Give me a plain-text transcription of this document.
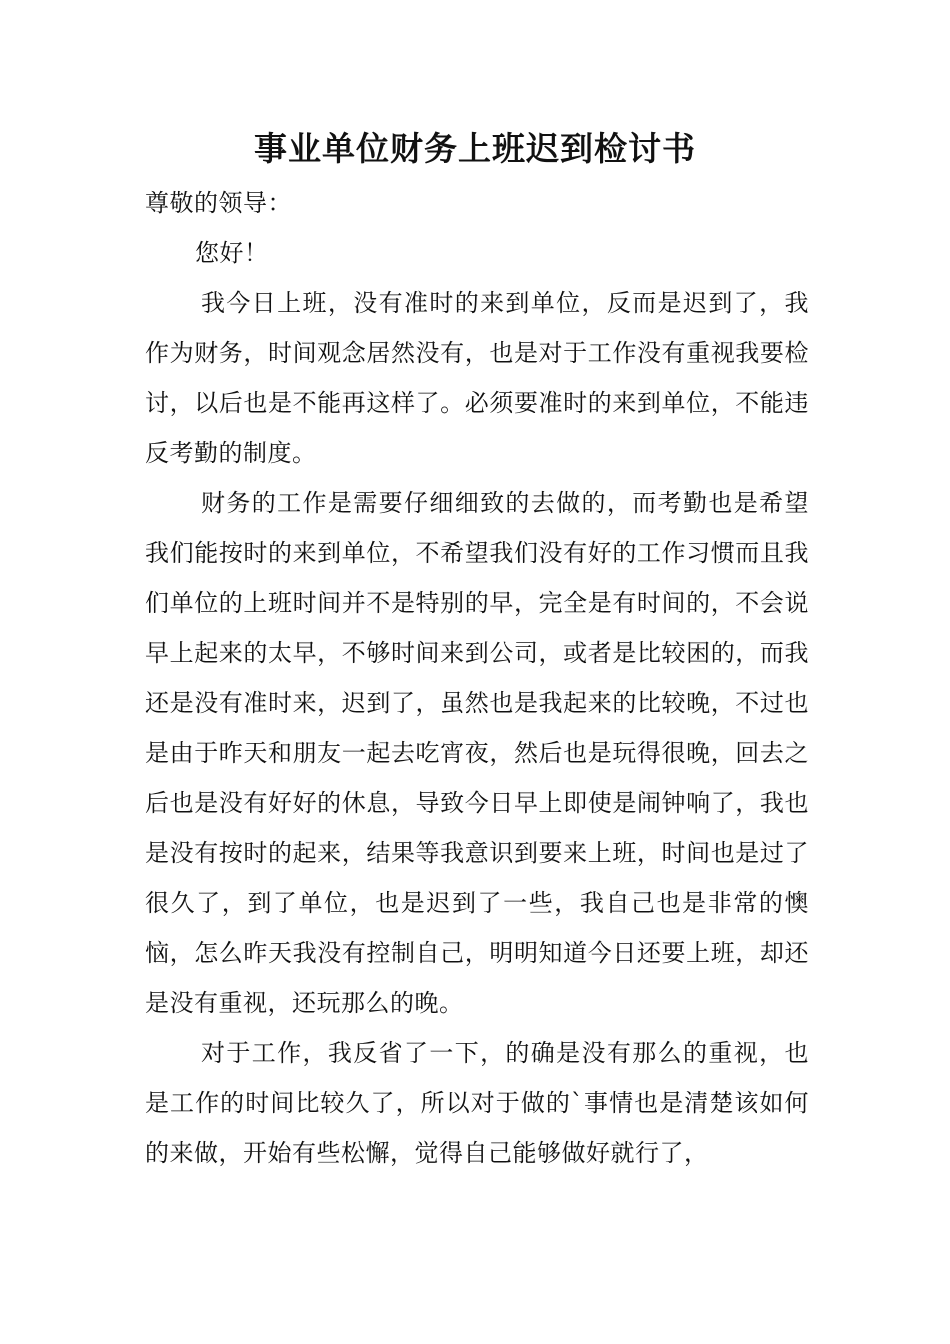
事业单位财务上班迟到检讨书

尊敬的领导：

您好！

我今日上班，没有准时的来到单位，反而是迟到了，我作为财务，时间观念居然没有，也是对于工作没有重视我要检讨，以后也是不能再这样了。必须要准时的来到单位，不能违反考勤的制度。

财务的工作是需要仔细细致的去做的，而考勤也是希望我们能按时的来到单位，不希望我们没有好的工作习惯而且我们单位的上班时间并不是特别的早，完全是有时间的，不会说早上起来的太早，不够时间来到公司，或者是比较困的，而我还是没有准时来，迟到了，虽然也是我起来的比较晚，不过也是由于昨天和朋友一起去吃宵夜，然后也是玩得很晚，回去之后也是没有好好的休息，导致今日早上即使是闹钟响了，我也是没有按时的起来，结果等我意识到要来上班，时间也是过了很久了，到了单位，也是迟到了一些，我自己也是非常的懊恼，怎么昨天我没有控制自己，明明知道今日还要上班，却还是没有重视，还玩那么的晚。

对于工作，我反省了一下，的确是没有那么的重视，也是工作的时间比较久了，所以对于做的`事情也是清楚该如何的来做，开始有些松懈，觉得自己能够做好就行了，
